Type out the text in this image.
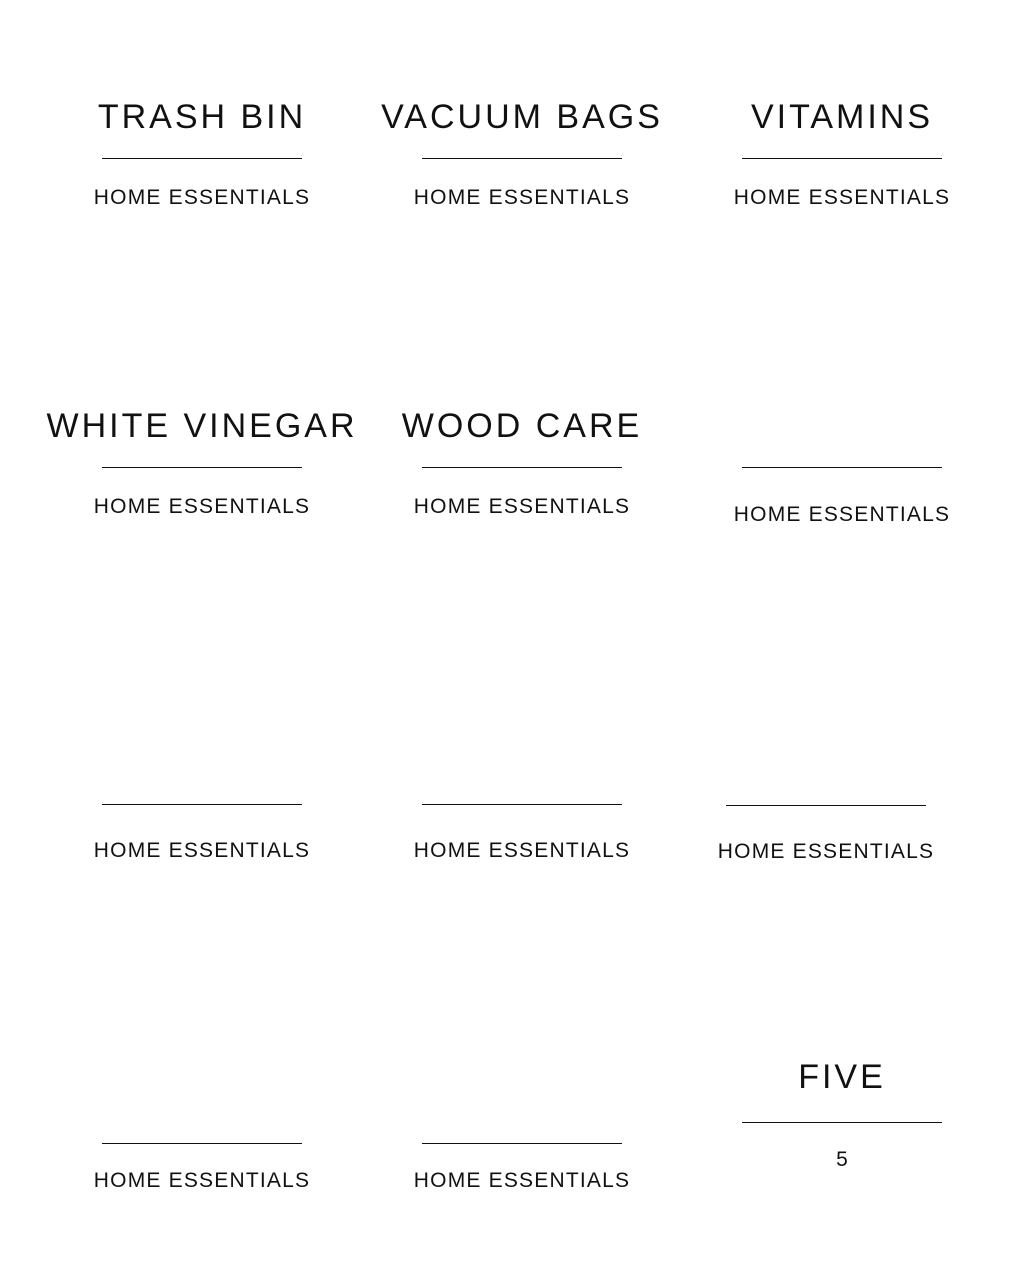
TRASH BIN
HOME ESSENTIALS
VACUUM BAGS
HOME ESSENTIALS
VITAMINS
HOME ESSENTIALS
WHITE VINEGAR
HOME ESSENTIALS
WOOD CARE
HOME ESSENTIALS	HOME ESSENTIALS
HOME ESSENTIALS	HOME ESSENTIALS	HOME ESSENTIALS
HOME ESSENTIALS	HOME ESSENTIALS
FIVE
5
